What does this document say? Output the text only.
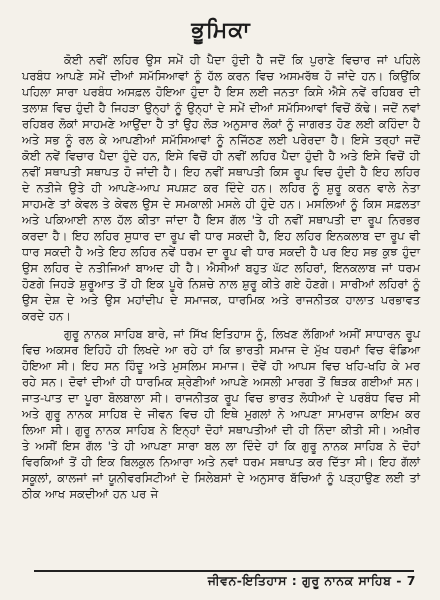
ਭੂਮਿਕਾ

ਕੋਈ ਨਵੀਂ ਲਹਿਰ ਉਸ ਸਮੇਂ ਹੀ ਪੈਦਾ ਹੁੰਦੀ ਹੈ ਜਦੋਂ ਕਿ ਪੁਰਾਣੇ ਵਿਚਾਰ ਜਾਂ ਪਹਿਲੇ ਪਰਬੰਧ ਆਪਣੇ ਸਮੇਂ ਦੀਆਂ ਸਮੱਸਿਆਵਾਂ ਨੂੰ ਹੱਲ ਕਰਨ ਵਿਚ ਅਸਮਰੱਥ ਹੋ ਜਾਂਦੇ ਹਨ। ਕਿਉਂਕਿ ਪਹਿਲਾ ਸਾਰਾ ਪਰਬੰਧ ਅਸਫ਼ਲ ਹੋਇਆ ਹੁੰਦਾ ਹੈ ਇਸ ਲਈ ਜਨਤਾ ਕਿਸੇ ਐਸੇ ਨਵੇਂ ਰਹਿਬਰ ਦੀ ਤਲਾਸ਼ ਵਿਚ ਹੁੰਦੀ ਹੈ ਜਿਹੜਾ ਉਨ੍ਹਾਂ ਨੂੰ ਉਨ੍ਹਾਂ ਦੇ ਸਮੇਂ ਦੀਆਂ ਸਮੱਸਿਆਵਾਂ ਵਿਚੋਂ ਕੱਢੇ। ਜਦੋਂ ਨਵਾਂ ਰਹਿਬਰ ਲੋਕਾਂ ਸਾਹਮਣੇ ਆਉਂਦਾ ਹੈ ਤਾਂ ਉਹ ਲੋੜ ਅਨੁਸਾਰ ਲੋਕਾਂ ਨੂੰ ਜਾਗਰਤ ਹੋਣ ਲਈ ਕਹਿੰਦਾ ਹੈ ਅਤੇ ਸਭ ਨੂੰ ਰਲ ਕੇ ਆਪਣੀਆਂ ਸਮੱਸਿਆਵਾਂ ਨੂੰ ਨਜਿੱਠਣ ਲਈ ਪਰੇਰਦਾ ਹੈ। ਇਸੇ ਤਰ੍ਹਾਂ ਜਦੋਂ ਕੋਈ ਨਵੇਂ ਵਿਚਾਰ ਪੈਦਾ ਹੁੰਦੇ ਹਨ, ਇਸੇ ਵਿਚੋਂ ਹੀ ਨਵੀਂ ਲਹਿਰ ਪੈਦਾ ਹੁੰਦੀ ਹੈ ਅਤੇ ਇਸੇ ਵਿਚੋਂ ਹੀ ਨਵੀਂ ਸਥਾਪਤੀ ਸਥਾਪਤ ਹੋ ਜਾਂਦੀ ਹੈ। ਇਹ ਨਵੀਂ ਸਥਾਪਤੀ ਕਿਸ ਰੂਪ ਵਿਚ ਹੁੰਦੀ ਹੈ ਇਹ ਲਹਿਰ ਦੇ ਨਤੀਜੇ ਉਤੇ ਹੀ ਆਪਣੇ-ਆਪ ਸਪਸ਼ਟ ਕਰ ਦਿੰਦੇ ਹਨ। ਲਹਿਰ ਨੂੰ ਸ਼ੁਰੂ ਕਰਨ ਵਾਲੇ ਨੇਤਾ ਸਾਹਮਣੇ ਤਾਂ ਕੇਵਲ ਤੇ ਕੇਵਲ ਉਸ ਦੇ ਸਮਕਾਲੀ ਮਸਲੇ ਹੀ ਹੁੰਦੇ ਹਨ। ਮਸਲਿਆਂ ਨੂੰ ਕਿਸ ਸਫ਼ਲਤਾ ਅਤੇ ਪਕਿਆਈ ਨਾਲ ਹੱਲ ਕੀਤਾ ਜਾਂਦਾ ਹੈ ਇਸ ਗੱਲ 'ਤੇ ਹੀ ਨਵੀਂ ਸਥਾਪਤੀ ਦਾ ਰੂਪ ਨਿਰਭਰ ਕਰਦਾ ਹੈ। ਇਹ ਲਹਿਰ ਸੁਧਾਰ ਦਾ ਰੂਪ ਵੀ ਧਾਰ ਸਕਦੀ ਹੈ, ਇਹ ਲਹਿਰ ਇਨਕਲਾਬ ਦਾ ਰੂਪ ਵੀ ਧਾਰ ਸਕਦੀ ਹੈ ਅਤੇ ਇਹ ਲਹਿਰ ਨਵੇਂ ਧਰਮ ਦਾ ਰੂਪ ਵੀ ਧਾਰ ਸਕਦੀ ਹੈ ਪਰ ਇਹ ਸਭ ਕੁਝ ਹੁੰਦਾ ਉਸ ਲਹਿਰ ਦੇ ਨਤੀਜਿਆਂ ਬਾਅਦ ਹੀ ਹੈ। ਐਸੀਆਂ ਬਹੁਤ ਘੱਟ ਲਹਿਰਾਂ, ਇਨਕਲਾਬ ਜਾਂ ਧਰਮ ਹੋਣਗੇ ਜਿਹੜੇ ਸ਼ੁਰੂਆਤ ਤੋਂ ਹੀ ਇਕ ਪੂਰੇ ਨਿਸ਼ਚੇ ਨਾਲ ਸ਼ੁਰੂ ਕੀਤੇ ਗਏ ਹੋਣਗੇ। ਸਾਰੀਆਂ ਲਹਿਰਾਂ ਨੂੰ ਉਸ ਦੇਸ਼ ਦੇ ਅਤੇ ਉਸ ਮਹਾਂਦੀਪ ਦੇ ਸਮਾਜਕ, ਧਾਰਮਿਕ ਅਤੇ ਰਾਜਨੀਤਕ ਹਾਲਾਤ ਪਰਭਾਵਤ ਕਰਦੇ ਹਨ।

ਗੁਰੂ ਨਾਨਕ ਸਾਹਿਬ ਬਾਰੇ, ਜਾਂ ਸਿੱਖ ਇਤਿਹਾਸ ਨੂੰ, ਲਿਖਣ ਲੱਗਿਆਂ ਅਸੀਂ ਸਾਧਾਰਨ ਰੂਪ ਵਿਚ ਅਕਸਰ ਇਹਿਹੋ ਹੀ ਲਿਖਦੇ ਆ ਰਹੇ ਹਾਂ ਕਿ ਭਾਰਤੀ ਸਮਾਜ ਦੇ ਮੁੱਖ ਧਰਮਾਂ ਵਿਚ ਵੰਡਿਆ ਹੋਇਆ ਸੀ। ਇਹ ਸਨ ਹਿੰਦੂ ਅਤੇ ਮੁਸਲਿਮ ਸਮਾਜ। ਦੋਵੇਂ ਹੀ ਆਪਸ ਵਿਚ ਖਹਿ-ਖਹਿ ਕੇ ਮਰ ਰਹੇ ਸਨ। ਦੋਵਾਂ ਦੀਆਂ ਹੀ ਧਾਰਮਿਕ ਸ਼੍ਰੇਣੀਆਂ ਆਪਣੇ ਅਸਲੀ ਮਾਰਗ ਤੋਂ ਥਿੜਕ ਗਈਆਂ ਸਨ। ਜਾਤ-ਪਾਤ ਦਾ ਪੂਰਾ ਬੋਲਬਾਲਾ ਸੀ। ਰਾਜਨੀਤਕ ਰੂਪ ਵਿਚ ਭਾਰਤ ਲੋਧੀਆਂ ਦੇ ਪਰਬੰਧ ਵਿਚ ਸੀ ਅਤੇ ਗੁਰੂ ਨਾਨਕ ਸਾਹਿਬ ਦੇ ਜੀਵਨ ਵਿਚ ਹੀ ਇਥੇ ਮੁਗਲਾਂ ਨੇ ਆਪਣਾ ਸਾਮਰਾਜ ਕਾਇਮ ਕਰ ਲਿਆ ਸੀ। ਗੁਰੂ ਨਾਨਕ ਸਾਹਿਬ ਨੇ ਇਨ੍ਹਾਂ ਦੋਹਾਂ ਸਥਾਪਤੀਆਂ ਦੀ ਹੀ ਨਿੰਦਾ ਕੀਤੀ ਸੀ। ਅਖ਼ੀਰ ਤੇ ਅਸੀਂ ਇਸ ਗੱਲ 'ਤੇ ਹੀ ਆਪਣਾ ਸਾਰਾ ਬਲ ਲਾ ਦਿੰਦੇ ਹਾਂ ਕਿ ਗੁਰੂ ਨਾਨਕ ਸਾਹਿਬ ਨੇ ਦੋਹਾਂ ਵਿਰਕਿਆਂ ਤੋਂ ਹੀ ਇਕ ਬਿਲਕੁਲ ਨਿਆਰਾ ਅਤੇ ਨਵਾਂ ਧਰਮ ਸਥਾਪਤ ਕਰ ਦਿੱਤਾ ਸੀ। ਇਹ ਗੱਲਾਂ ਸਕੂਲਾਂ, ਕਾਲਜਾਂ ਜਾਂ ਯੂਨੀਵਰਸਿਟੀਆਂ ਦੇ ਸਿਲੇਬਸਾਂ ਦੇ ਅਨੁਸਾਰ ਬੱਚਿਆਂ ਨੂੰ ਪੜ੍ਹਾਉਣ ਲਈ ਤਾਂ ਠੀਕ ਆਖ ਸਕਦੀਆਂ ਹਨ ਪਰ ਜੇ

ਜੀਵਨ-ਇਤਿਹਾਸ : ਗੁਰੂ ਨਾਨਕ ਸਾਹਿਬ - 7
